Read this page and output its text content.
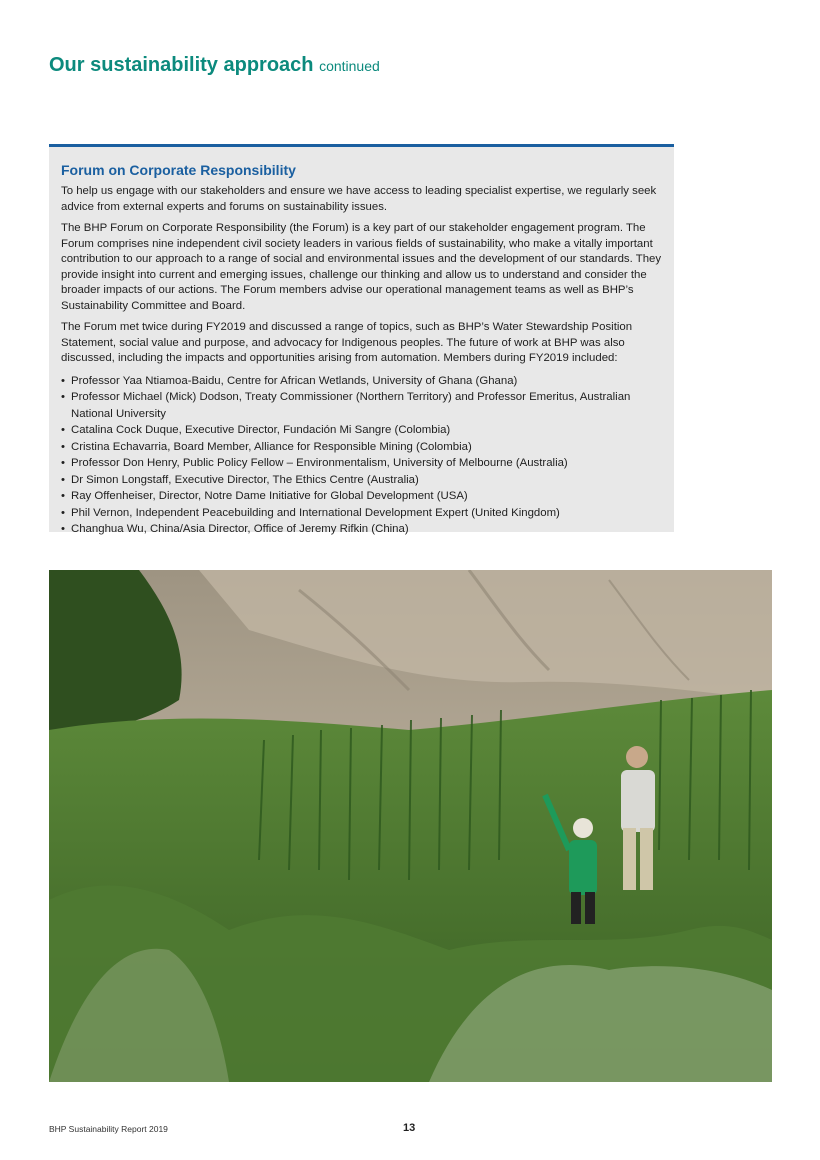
Our sustainability approach continued
Forum on Corporate Responsibility

To help us engage with our stakeholders and ensure we have access to leading specialist expertise, we regularly seek advice from external experts and forums on sustainability issues.

The BHP Forum on Corporate Responsibility (the Forum) is a key part of our stakeholder engagement program. The Forum comprises nine independent civil society leaders in various fields of sustainability, who make a vitally important contribution to our approach to a range of social and environmental issues and the development of our standards. They provide insight into current and emerging issues, challenge our thinking and allow us to understand and consider the broader impacts of our actions. The Forum members advise our operational management teams as well as BHP’s Sustainability Committee and Board.

The Forum met twice during FY2019 and discussed a range of topics, such as BHP’s Water Stewardship Position Statement, social value and purpose, and advocacy for Indigenous peoples. The future of work at BHP was also discussed, including the impacts and opportunities arising from automation. Members during FY2019 included:

• Professor Yaa Ntiamoa-Baidu, Centre for African Wetlands, University of Ghana (Ghana)
• Professor Michael (Mick) Dodson, Treaty Commissioner (Northern Territory) and Professor Emeritus, Australian National University
• Catalina Cock Duque, Executive Director, Fundación Mi Sangre (Colombia)
• Cristina Echavarria, Board Member, Alliance for Responsible Mining (Colombia)
• Professor Don Henry, Public Policy Fellow – Environmentalism, University of Melbourne (Australia)
• Dr Simon Longstaff, Executive Director, The Ethics Centre (Australia)
• Ray Offenheiser, Director, Notre Dame Initiative for Global Development (USA)
• Phil Vernon, Independent Peacebuilding and International Development Expert (United Kingdom)
• Changhua Wu, China/Asia Director, Office of Jeremy Rifkin (China)
BHP Sustainability Report 2019	13
